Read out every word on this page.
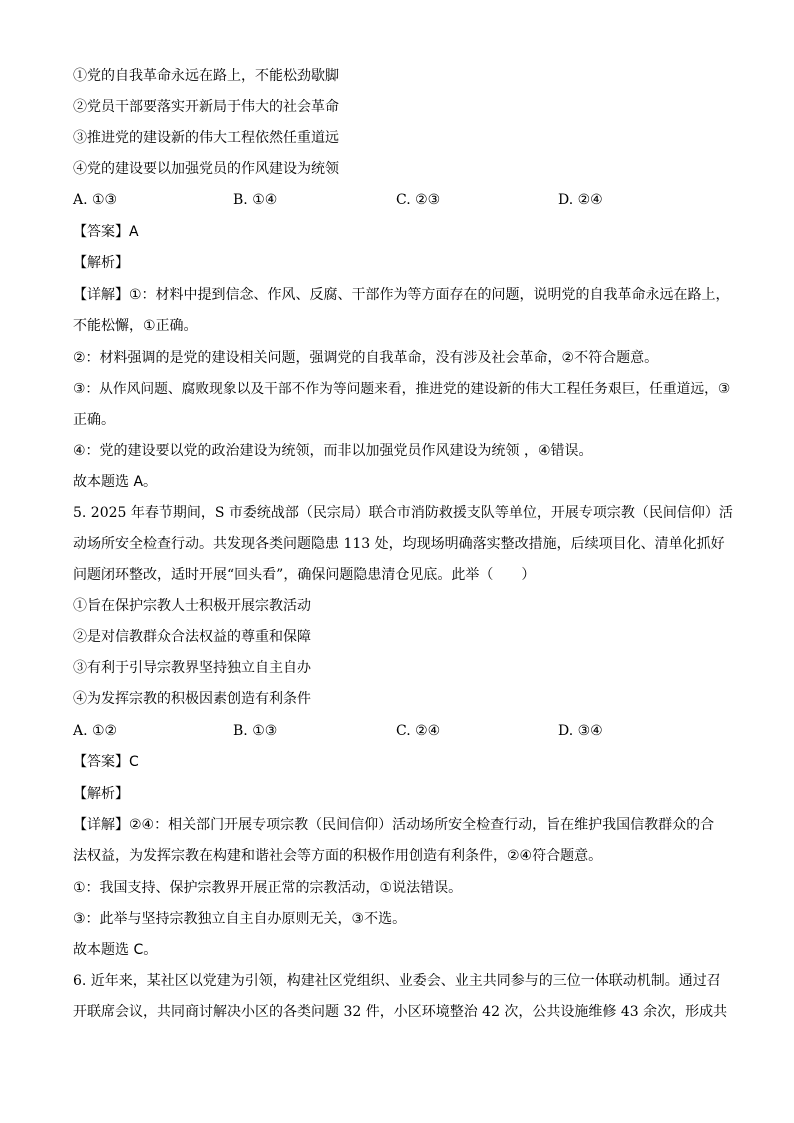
①党的自我革命永远在路上，不能松劲歇脚
②党员干部要落实开新局于伟大的社会革命
③推进党的建设新的伟大工程依然任重道远
④党的建设要以加强党员的作风建设为统领
A. ①③	B. ①④	C. ②③	D. ②④
【答案】A
【解析】
【详解】①：材料中提到信念、作风、反腐、干部作为等方面存在的问题，说明党的自我革命永远在路上，
不能松懈，①正确。
②：材料强调的是党的建设相关问题，强调党的自我革命，没有涉及社会革命，②不符合题意。
③：从作风问题、腐败现象以及干部不作为等问题来看，推进党的建设新的伟大工程任务艰巨，任重道远，③
正确。
④：党的建设要以党的政治建设为统领，而非以加强党员作风建设为统领 ，④错误。
故本题选 A。
5. 2025 年春节期间，S 市委统战部（民宗局）联合市消防救援支队等单位，开展专项宗教（民间信仰）活
动场所安全检查行动。共发现各类问题隐患 113 处，均现场明确落实整改措施，后续项目化、清单化抓好
问题闭环整改，适时开展“回头看”，确保问题隐患清仓见底。此举（　　）
①旨在保护宗教人士积极开展宗教活动
②是对信教群众合法权益的尊重和保障
③有利于引导宗教界坚持独立自主自办
④为发挥宗教的积极因素创造有利条件
A. ①②	B. ①③	C. ②④	D. ③④
【答案】C
【解析】
【详解】②④：相关部门开展专项宗教（民间信仰）活动场所安全检查行动，旨在维护我国信教群众的合
法权益，为发挥宗教在构建和谐社会等方面的积极作用创造有利条件，②④符合题意。
①：我国支持、保护宗教界开展正常的宗教活动，①说法错误。
③：此举与坚持宗教独立自主自办原则无关，③不选。
故本题选 C。
6. 近年来，某社区以党建为引领，构建社区党组织、业委会、业主共同参与的三位一体联动机制。通过召
开联席会议，共同商讨解决小区的各类问题 32 件，小区环境整治 42 次，公共设施维修 43 余次，形成共
